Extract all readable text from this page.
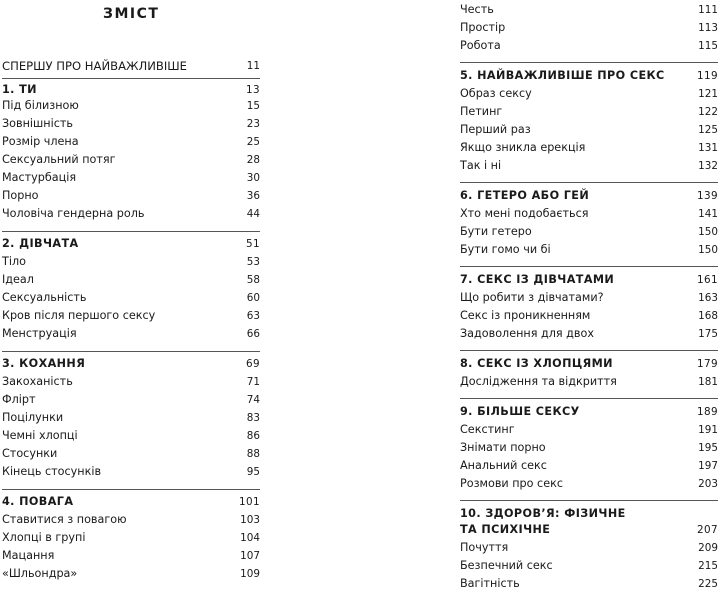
ЗМІСТ
СПЕРШУ ПРО НАЙВАЖЛИВІШЕ	11
1. ТИ	13
Під білизною	15
Зовнішність	23
Розмір члена	25
Сексуальний потяг	28
Мастурбація	30
Порно	36
Чоловіча гендерна роль	44
2. ДІВЧАТА	51
Тіло	53
Ідеал	58
Сексуальність	60
Кров після першого сексу	63
Менструація	66
3. КОХАННЯ	69
Закоханість	71
Флірт	74
Поцілунки	83
Чемні хлопці	86
Стосунки	88
Кінець стосунків	95
4. ПОВАГА	101
Ставитися з повагою	103
Хлопці в групі	104
Мацання	107
«Шльондра»	109
Честь	111
Простір	113
Робота	115
5. НАЙВАЖЛИВІШЕ ПРО СЕКС	119
Образ сексу	121
Петинг	122
Перший раз	125
Якщо зникла ерекція	131
Так і ні	132
6. ГЕТЕРО АБО ГЕЙ	139
Хто мені подобається	141
Бути гетеро	150
Бути гомо чи бі	150
7. СЕКС ІЗ ДІВЧАТАМИ	161
Що робити з дівчатами?	163
Секс із проникненням	168
Задоволення для двох	175
8. СЕКС ІЗ ХЛОПЦЯМИ	179
Дослідження та відкриття	181
9. БІЛЬШЕ СЕКСУ	189
Секстинг	191
Знімати порно	195
Анальний секс	197
Розмови про секс	203
10. ЗДОРОВ’Я: ФІЗИЧНЕ
ТА ПСИХІЧНЕ	207
Почуття	209
Безпечний секс	215
Вагітність	225
